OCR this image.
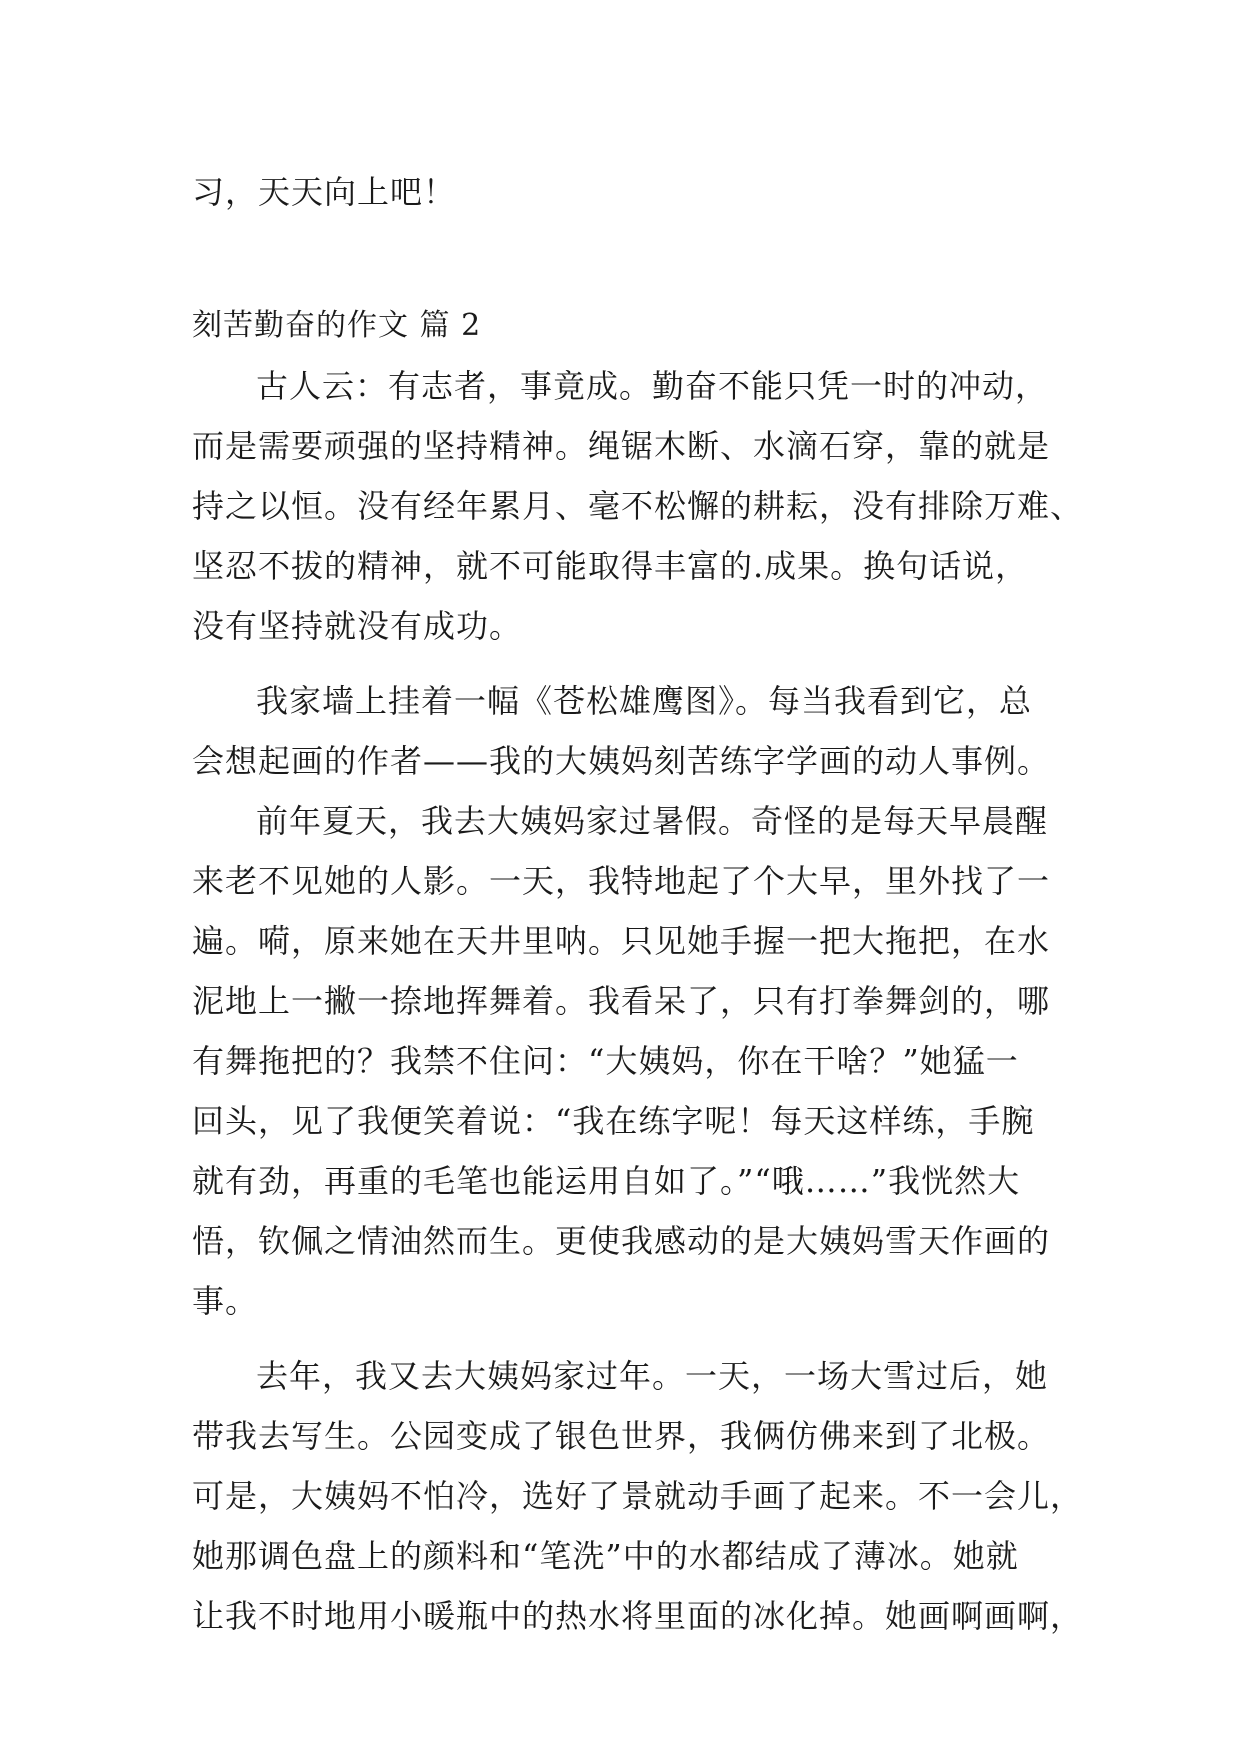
习，天天向上吧！
刻苦勤奋的作文 篇 2
古人云：有志者，事竟成。勤奋不能只凭一时的冲动，
而是需要顽强的坚持精神。绳锯木断、水滴石穿，靠的就是
持之以恒。没有经年累月、毫不松懈的耕耘，没有排除万难、
坚忍不拔的精神，就不可能取得丰富的.成果。换句话说，
没有坚持就没有成功。
我家墙上挂着一幅《苍松雄鹰图》。每当我看到它，总
会想起画的作者——我的大姨妈刻苦练字学画的动人事例。
前年夏天，我去大姨妈家过暑假。奇怪的是每天早晨醒
来老不见她的人影。一天，我特地起了个大早，里外找了一
遍。嗬，原来她在天井里呐。只见她手握一把大拖把，在水
泥地上一撇一捺地挥舞着。我看呆了，只有打拳舞剑的，哪
有舞拖把的？我禁不住问：“大姨妈，你在干啥？”她猛一
回头，见了我便笑着说：“我在练字呢！每天这样练，手腕
就有劲，再重的毛笔也能运用自如了。”“哦……”我恍然大
悟，钦佩之情油然而生。更使我感动的是大姨妈雪天作画的
事。
去年，我又去大姨妈家过年。一天，一场大雪过后，她
带我去写生。公园变成了银色世界，我俩仿佛来到了北极。
可是，大姨妈不怕冷，选好了景就动手画了起来。不一会儿，
她那调色盘上的颜料和“笔洗”中的水都结成了薄冰。她就
让我不时地用小暖瓶中的热水将里面的冰化掉。她画啊画啊，
